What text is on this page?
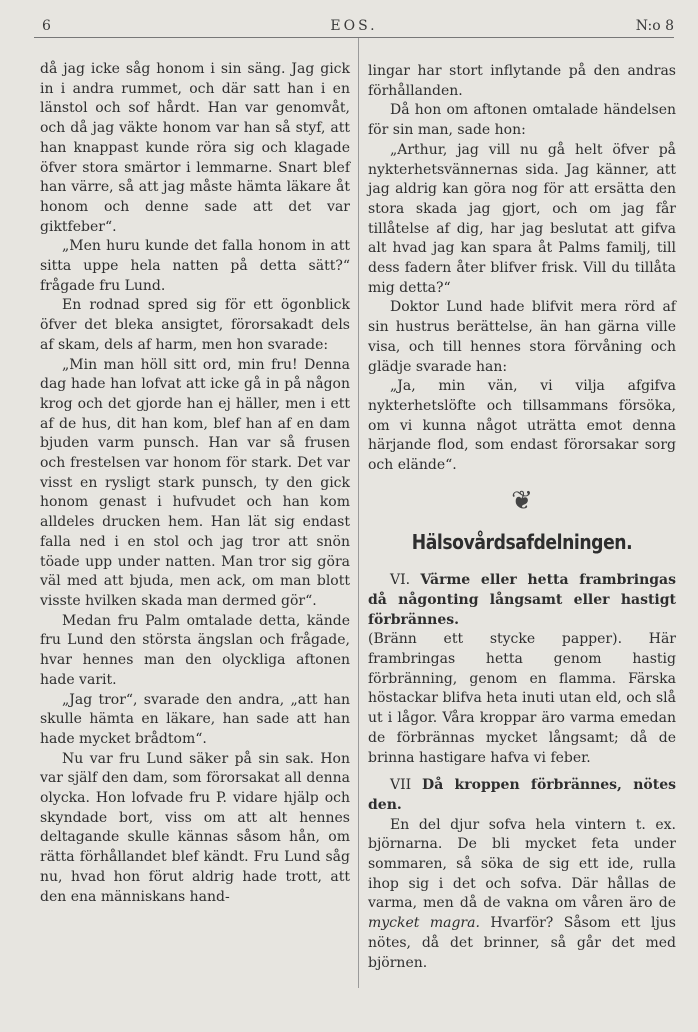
6	EOS.	N:o 8

då jag icke såg honom i sin säng. Jag gick in i andra rummet, och där satt han i en länstol och sof hårdt. Han var genomvåt, och då jag väkte honom var han så styf, att han knappast kunde röra sig och klagade öfver stora smärtor i lemmarne. Snart blef han värre, så att jag måste hämta läkare åt honom och denne sade att det var giktfeber“.

„Men huru kunde det falla honom in att sitta uppe hela natten på detta sätt?“ frågade fru Lund.

En rodnad spred sig för ett ögonblick öfver det bleka ansigtet, förorsakadt dels af skam, dels af harm, men hon svarade:

„Min man höll sitt ord, min fru! Denna dag hade han lofvat att icke gå in på någon krog och det gjorde han ej häller, men i ett af de hus, dit han kom, blef han af en dam bjuden varm punsch. Han var så frusen och frestelsen var honom för stark. Det var visst en rysligt stark punsch, ty den gick honom genast i hufvudet och han kom alldeles drucken hem. Han lät sig endast falla ned i en stol och jag tror att snön töade upp under natten. Man tror sig göra väl med att bjuda, men ack, om man blott visste hvilken skada man dermed gör“.

Medan fru Palm omtalade detta, kände fru Lund den största ängslan och frågade, hvar hennes man den olyckliga aftonen hade varit.

„Jag tror“, svarade den andra, „att han skulle hämta en läkare, han sade att han hade mycket brådtom“.

Nu var fru Lund säker på sin sak. Hon var själf den dam, som förorsakat all denna olycka. Hon lofvade fru P. vidare hjälp och skyndade bort, viss om att alt hennes deltagande skulle kännas såsom hån, om rätta förhållandet blef kändt. Fru Lund såg nu, hvad hon förut aldrig hade trott, att den ena människans hand-

lingar har stort inflytande på den andras förhållanden.

Då hon om aftonen omtalade händelsen för sin man, sade hon:

„Arthur, jag vill nu gå helt öfver på nykterhetsvännernas sida. Jag känner, att jag aldrig kan göra nog för att ersätta den stora skada jag gjort, och om jag får tillåtelse af dig, har jag beslutat att gifva alt hvad jag kan spara åt Palms familj, till dess fadern åter blifver frisk. Vill du tillåta mig detta?“

Doktor Lund hade blifvit mera rörd af sin hustrus berättelse, än han gärna ville visa, och till hennes stora förvåning och glädje svarade han:

„Ja, min vän, vi vilja afgifva nykterhetslöfte och tillsammans försöka, om vi kunna något uträtta emot denna härjande flod, som endast förorsakar sorg och elände“.

❦
Hälsovårdsafdelningen.

VI. Värme eller hetta frambringas då någonting långsamt eller hastigt förbrännes.

(Bränn ett stycke papper). Här frambringas hetta genom hastig förbränning, genom en flamma. Färska höstackar blifva heta inuti utan eld, och slå ut i lågor. Våra kroppar äro varma emedan de förbrännas mycket långsamt; då de brinna hastigare hafva vi feber.

VII Då kroppen förbrännes, nötes den.

En del djur sofva hela vintern t. ex. björnarna. De bli mycket feta under sommaren, så söka de sig ett ide, rulla ihop sig i det och sofva. Där hållas de varma, men då de vakna om våren äro de mycket magra. Hvarför? Såsom ett ljus nötes, då det brinner, så går det med björnen.
